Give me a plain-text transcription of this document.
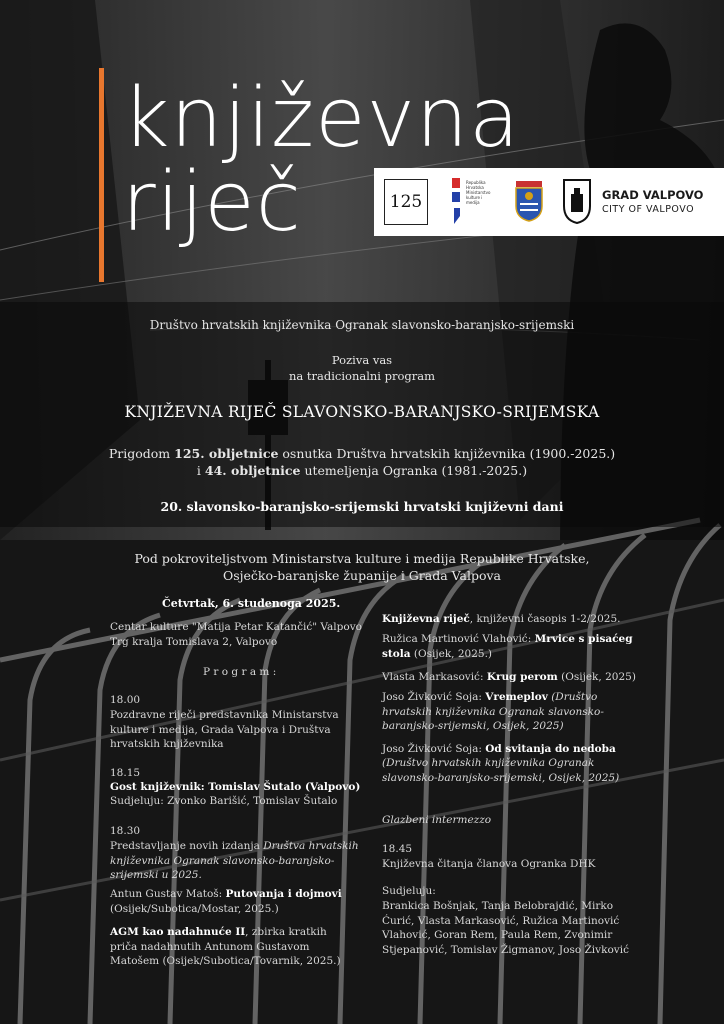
književna
riječ	125
Republika Hrvatska Ministarstvo kulture i medija
GRAD VALPOVO
CITY OF VALPOVO
Društvo hrvatskih književnika Ogranak slavonsko-baranjsko-srijemski
Poziva vas
na tradicionalni program
KNJIŽEVNA RIJEČ SLAVONSKO-BARANJSKO-SRIJEMSKA
Prigodom 125. obljetnice osnutka Društva hrvatskih književnika (1900.-2025.)
i 44. obljetnice utemeljenja Ogranka (1981.-2025.)
20. slavonsko-baranjsko-srijemski hrvatski književni dani
Pod pokroviteljstvom Ministarstva kulture i medija Republike Hrvatske,
Osječko-baranjske županije i Grada Valpova
Četvrtak, 6. studenoga 2025.
Centar kulture "Matija Petar Katančić" Valpovo
Trg kralja Tomislava 2, Valpovo
P r o g r a m :
18.00
Pozdravne riječi predstavnika Ministarstva kulture i medija, Grada Valpova i Društva hrvatskih književnika
18.15
Gost književnik: Tomislav Šutalo (Valpovo)
Sudjeluju: Zvonko Barišić, Tomislav Šutalo
18.30
Predstavljanje novih izdanja Društva hrvatskih književnika Ogranak slavonsko-baranjsko-srijemski u 2025.
Antun Gustav Matoš: Putovanja i dojmovi
(Osijek/Subotica/Mostar, 2025.)
AGM kao nadahnuće II, zbirka kratkih priča nadahnutih Antunom Gustavom Matošem (Osijek/Subotica/Tovarnik, 2025.)
Književna riječ, književni časopis 1-2/2025.
Ružica Martinović Vlahović: Mrvice s pisaćeg stola (Osijek, 2025.)
Vlasta Markasović: Krug perom (Osijek, 2025)
Joso Živković Soja: Vremeplov (Društvo hrvatskih književnika Ogranak slavonsko-baranjsko-srijemski, Osijek, 2025)
Joso Živković Soja: Od svitanja do nedoba
(Društvo hrvatskih književnika Ogranak slavonsko-baranjsko-srijemski, Osijek, 2025)
Glazbeni intermezzo
18.45
Književna čitanja članova Ogranka DHK
Sudjeluju:
Brankica Bošnjak, Tanja Belobrajdić, Mirko Ćurić, Vlasta Markasović, Ružica Martinović Vlahović, Goran Rem, Paula Rem, Zvonimir Stjepanović, Tomislav Žigmanov, Joso Živković
